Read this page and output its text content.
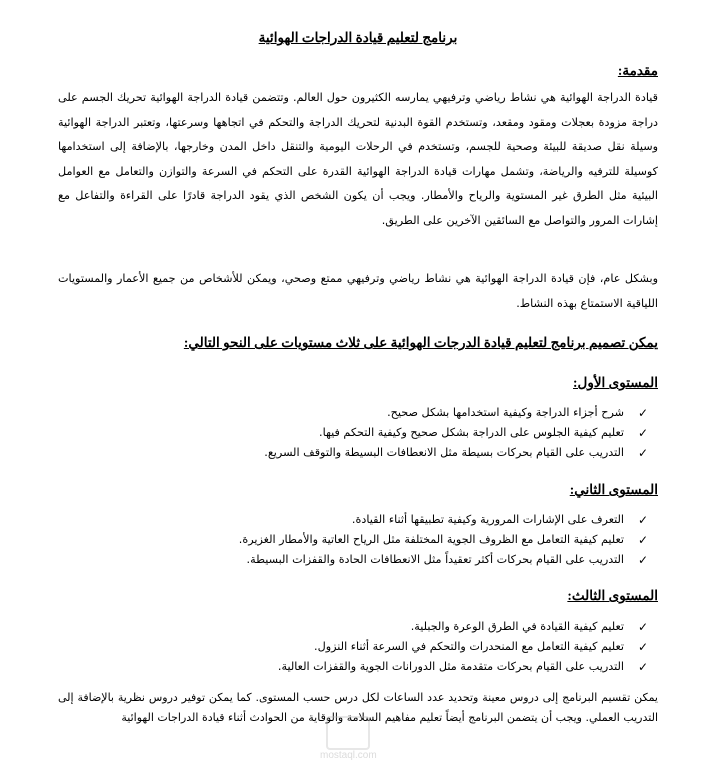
برنامج لتعليم قيادة الدراجات الهوائية
مقدمة:
قيادة الدراجة الهوائية هي نشاط رياضي وترفيهي يمارسه الكثيرون حول العالم. وتتضمن قيادة الدراجة الهوائية تحريك الجسم على دراجة مزودة بعجلات ومقود ومقعد، وتستخدم القوة البدنية لتحريك الدراجة والتحكم في اتجاهها وسرعتها، وتعتبر الدراجة الهوائية وسيلة نقل صديقة للبيئة وصحية للجسم، وتستخدم في الرحلات اليومية والتنقل داخل المدن وخارجها، بالإضافة إلى استخدامها كوسيلة للترفيه والرياضة، وتشمل مهارات قيادة الدراجة الهوائية القدرة على التحكم في السرعة والتوازن والتعامل مع العوامل البيئية مثل الطرق غير المستوية والرياح والأمطار. ويجب أن يكون الشخص الذي يقود الدراجة قادرًا على القراءة والتفاعل مع إشارات المرور والتواصل مع السائقين الآخرين على الطريق.
وبشكل عام، فإن قيادة الدراجة الهوائية هي نشاط رياضي وترفيهي ممتع وصحي، ويمكن للأشخاص من جميع الأعمار والمستويات اللياقية الاستمتاع بهذه النشاط.
يمكن تصميم برنامج لتعليم قيادة الدرجات الهوائية على ثلاث مستويات على النحو التالي:
المستوى الأول:
✓
شرح أجزاء الدراجة وكيفية استخدامها بشكل صحيح.
✓
تعليم كيفية الجلوس على الدراجة بشكل صحيح وكيفية التحكم فيها.
✓
التدريب على القيام بحركات بسيطة مثل الانعطافات البسيطة والتوقف السريع.
المستوى الثاني:
✓
التعرف على الإشارات المرورية وكيفية تطبيقها أثناء القيادة.
✓
تعليم كيفية التعامل مع الظروف الجوية المختلفة مثل الرياح العاتية والأمطار الغزيرة.
✓
التدريب على القيام بحركات أكثر تعقيداً مثل الانعطافات الحادة والقفزات البسيطة.
المستوى الثالث:
✓
تعليم كيفية القيادة في الطرق الوعرة والجبلية.
✓
تعليم كيفية التعامل مع المنحدرات والتحكم في السرعة أثناء النزول.
✓
التدريب على القيام بحركات متقدمة مثل الدورانات الجوية والقفزات العالية.
يمكن تقسيم البرنامج إلى دروس معينة وتحديد عدد الساعات لكل درس حسب المستوى. كما يمكن توفير دروس نظرية بالإضافة إلى التدريب العملي. ويجب أن يتضمن البرنامج أيضاً تعليم مفاهيم السلامة والوقاية من الحوادث أثناء قيادة الدراجات الهوائية
mostaql.com
